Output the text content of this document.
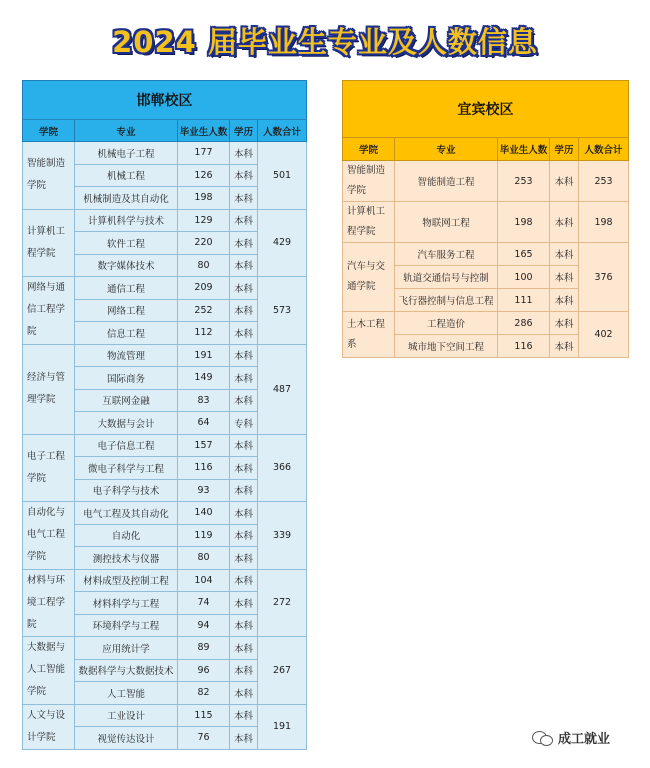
2024 届毕业生专业及人数信息
邯郸校区				
学院	专业	毕业生人数	学历	人数合计
智能制造学院	机械电子工程	177	本科	501
	机械工程	126	本科	
	机械制造及其自动化	198	本科	
计算机工程学院	计算机科学与技术	129	本科	429
	软件工程	220	本科	
	数字媒体技术	80	本科	
网络与通信工程学院	通信工程	209	本科	573
	网络工程	252	本科	
	信息工程	112	本科	
经济与管理学院	物流管理	191	本科	487
	国际商务	149	本科	
	互联网金融	83	本科	
	大数据与会计	64	专科	
电子工程学院	电子信息工程	157	本科	366
	微电子科学与工程	116	本科	
	电子科学与技术	93	本科	
自动化与电气工程学院	电气工程及其自动化	140	本科	339
	自动化	119	本科	
	测控技术与仪器	80	本科	
材料与环境工程学院	材料成型及控制工程	104	本科	272
	材料科学与工程	74	本科	
	环境科学与工程	94	本科	
大数据与人工智能学院	应用统计学	89	本科	267
	数据科学与大数据技术	96	本科	
	人工智能	82	本科	
人文与设计学院	工业设计	115	本科	191
	视觉传达设计	76	本科	
宜宾校区				
学院	专业	毕业生人数	学历	人数合计
智能制造学院	智能制造工程	253	本科	253
计算机工程学院	物联网工程	198	本科	198
汽车与交通学院	汽车服务工程	165	本科	376
	轨道交通信号与控制	100	本科	
	飞行器控制与信息工程	111	本科	
土木工程系	工程造价	286	本科	402
	城市地下空间工程	116	本科	
成工就业
